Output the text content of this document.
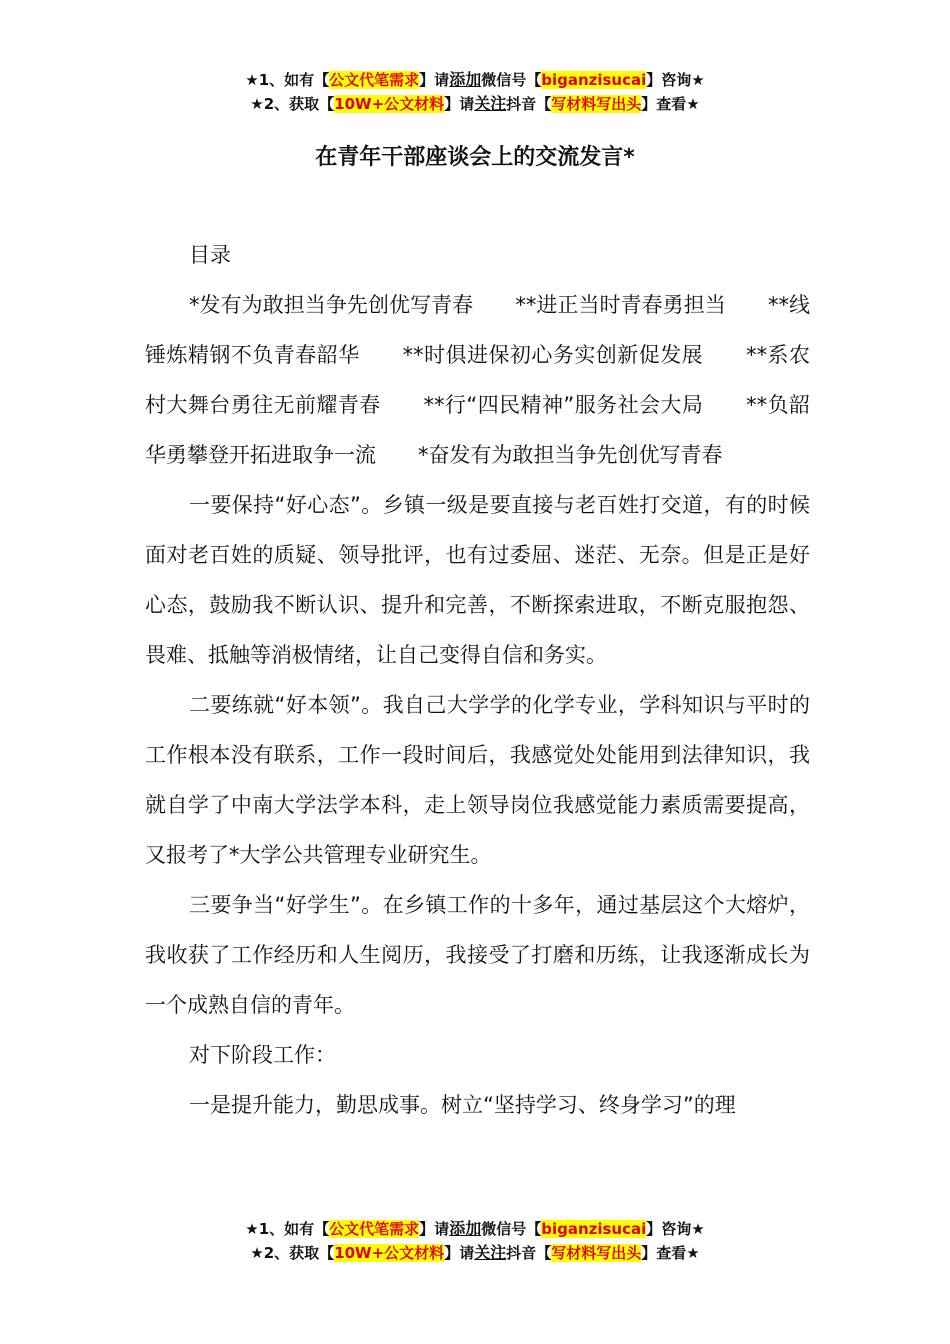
★1、如有【公文代笔需求】请添加微信号【biganzisucai】咨询★
★2、获取【10W+公文材料】请关注抖音【写材料写出头】查看★
在青年干部座谈会上的交流发言*

目录

*发有为敢担当争先创优写青春　　**进正当时青春勇担当　　**线锤炼精钢不负青春韶华　　**时俱进保初心务实创新促发展　　**系农村大舞台勇往无前耀青春　　**行“四民精神”服务社会大局　　**负韶华勇攀登开拓进取争一流　　*奋发有为敢担当争先创优写青春

一要保持“好心态”。乡镇一级是要直接与老百姓打交道，有的时候面对老百姓的质疑、领导批评，也有过委屈、迷茫、无奈。但是正是好心态，鼓励我不断认识、提升和完善，不断探索进取，不断克服抱怨、畏难、抵触等消极情绪，让自己变得自信和务实。

二要练就“好本领”。我自己大学学的化学专业，学科知识与平时的工作根本没有联系，工作一段时间后，我感觉处处能用到法律知识，我就自学了中南大学法学本科，走上领导岗位我感觉能力素质需要提高，又报考了*大学公共管理专业研究生。

三要争当“好学生”。在乡镇工作的十多年，通过基层这个大熔炉，我收获了工作经历和人生阅历，我接受了打磨和历练，让我逐渐成长为一个成熟自信的青年。

对下阶段工作：

一是提升能力，勤思成事。树立“坚持学习、终身学习”的理

★1、如有【公文代笔需求】请添加微信号【biganzisucai】咨询★
★2、获取【10W+公文材料】请关注抖音【写材料写出头】查看★
